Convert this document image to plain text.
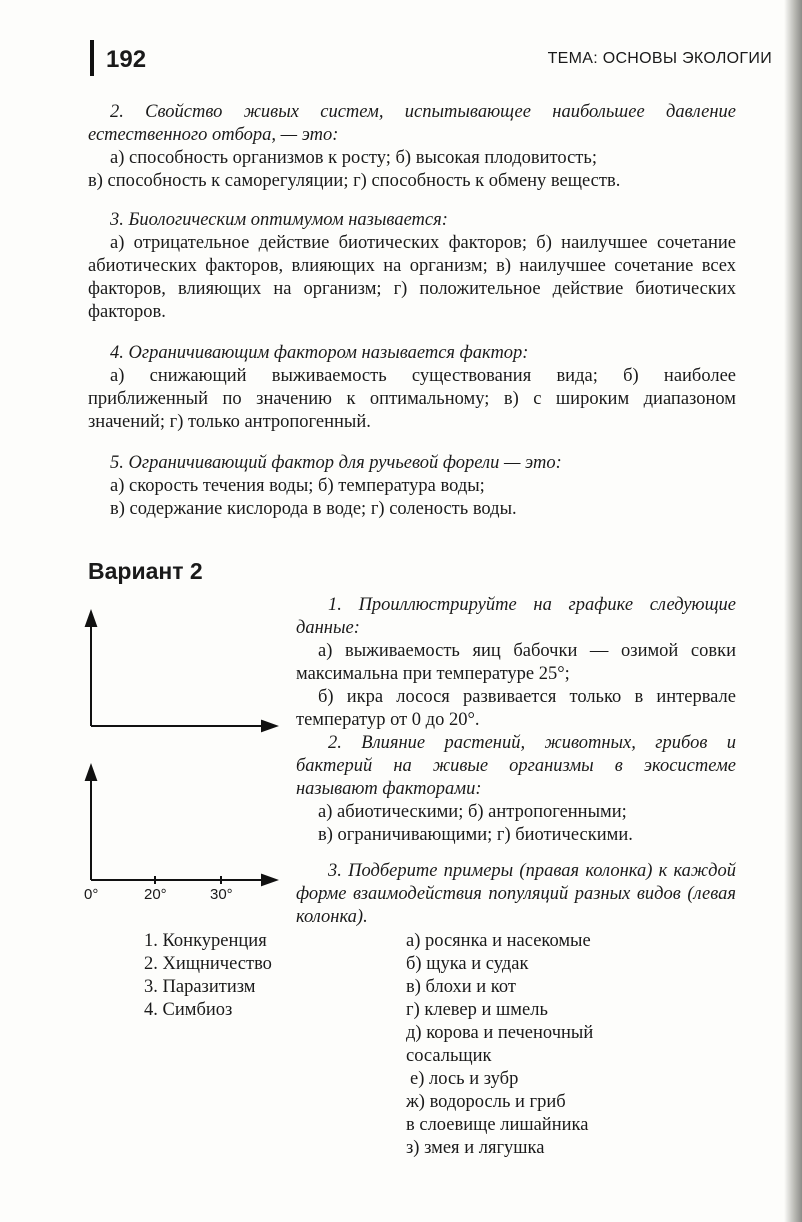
192	ТЕМА: ОСНОВЫ ЭКОЛОГИИ

2. Свойство живых систем, испытывающее наибольшее давление естественного отбора, — это:

а) способность организмов к росту; б) высокая плодовитость;

в) способность к саморегуляции; г) способность к обмену веществ.

3. Биологическим оптимумом называется:

а) отрицательное действие биотических факторов; б) наилучшее сочетание абиотических факторов, влияющих на организм; в) наилучшее сочетание всех факторов, влияющих на организм; г) положительное действие биотических факторов.

4. Ограничивающим фактором называется фактор:

а) снижающий выживаемость существования вида; б) наиболее приближенный по значению к оптимальному; в) с широким диапазоном значений; г) только антропогенный.

5. Ограничивающий фактор для ручьевой форели — это:

а) скорость течения воды; б) температура воды;

в) содержание кислорода в воде; г) соленость воды.

Вариант 2
0°	20°	30°

1. Проиллюстрируйте на графике следующие данные:

а) выживаемость яиц бабочки — озимой совки максимальна при температуре 25°;

б) икра лосося развивается только в интервале температур от 0 до 20°.

2. Влияние растений, животных, грибов и бактерий на живые организмы в экосистеме называют факторами:

а) абиотическими; б) антропогенными;

в) ограничивающими; г) биотическими.

3. Подберите примеры (правая колонка) к каждой форме взаимодействия популяций разных видов (левая колонка).

1. Конкуренция
2. Хищничество
3. Паразитизм
4. Симбиоз
а) росянка и насекомые
б) щука и судак
в) блохи и кот
г) клевер и шмель
д) корова и печеночный
сосальщик
е) лось и зубр
ж) водоросль и гриб
в слоевище лишайника
з) змея и лягушка
